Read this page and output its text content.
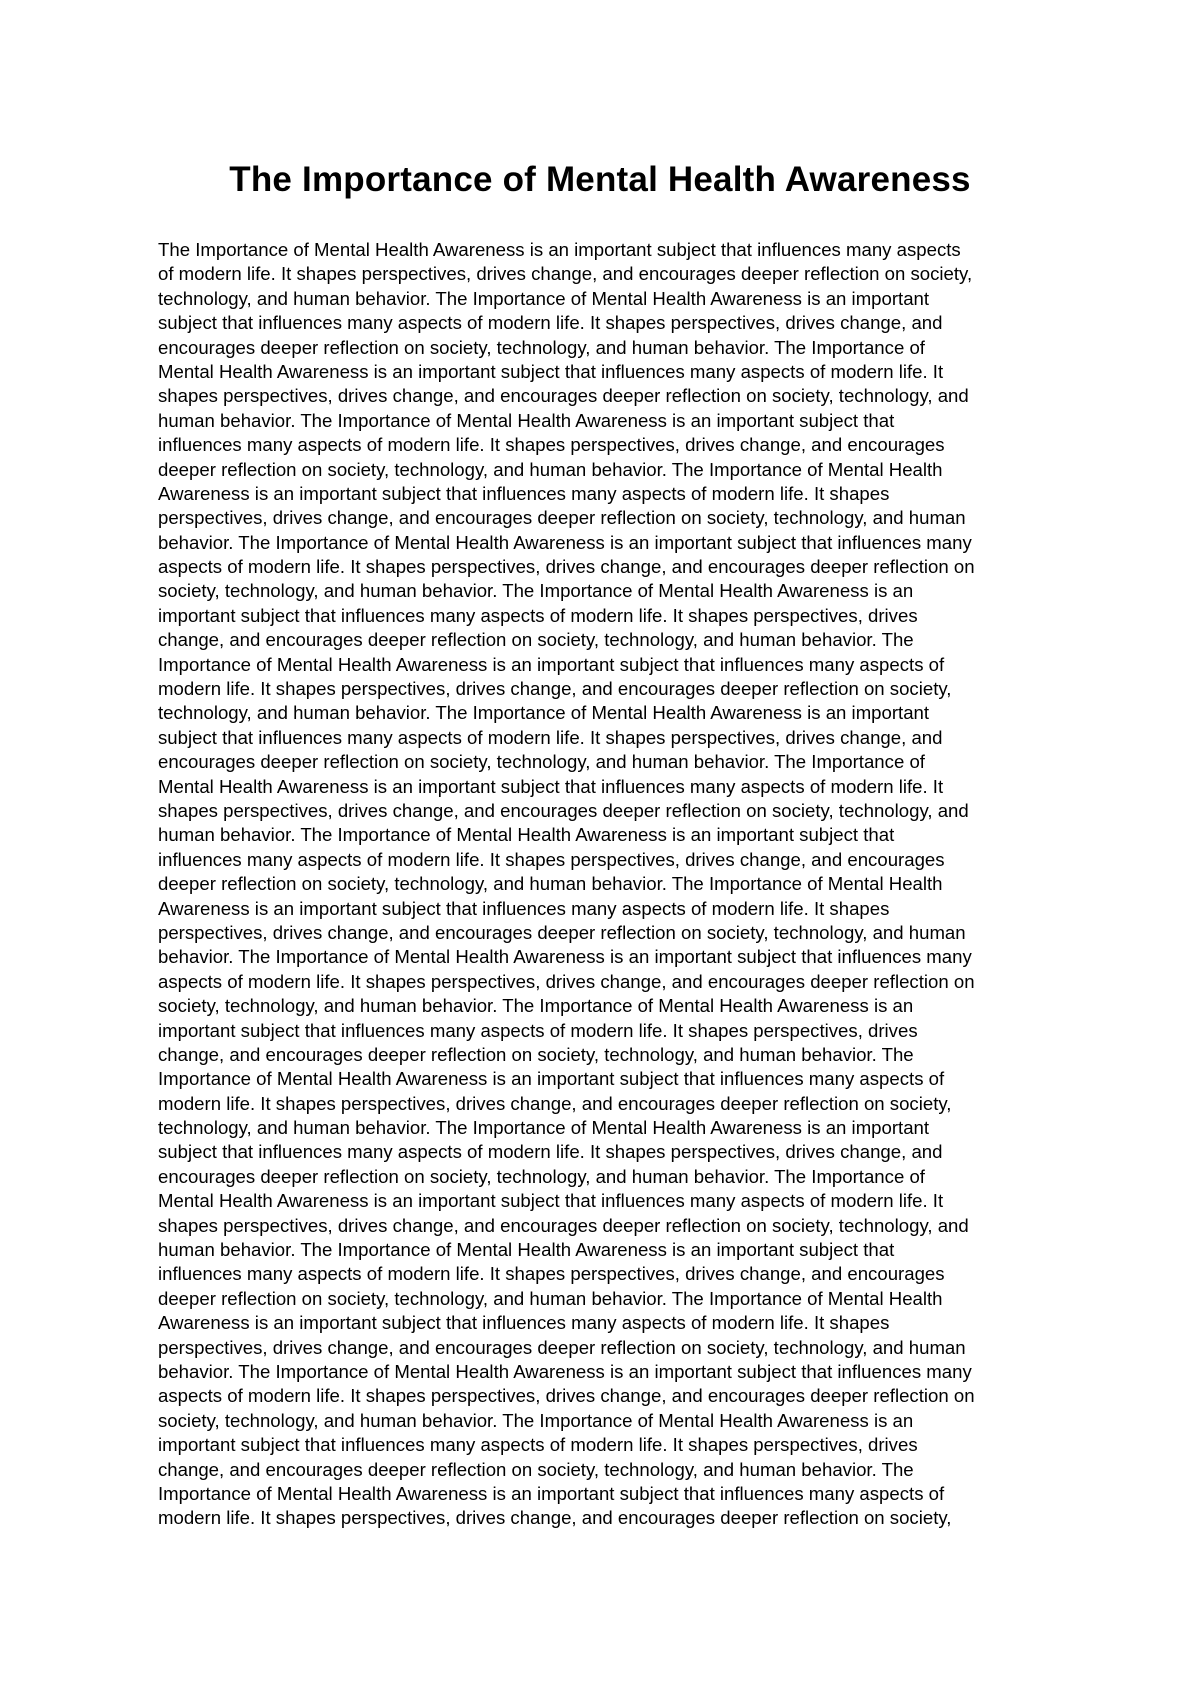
The Importance of Mental Health Awareness
The Importance of Mental Health Awareness is an important subject that influences many aspects
of modern life. It shapes perspectives, drives change, and encourages deeper reflection on society,
technology, and human behavior. The Importance of Mental Health Awareness is an important
subject that influences many aspects of modern life. It shapes perspectives, drives change, and
encourages deeper reflection on society, technology, and human behavior. The Importance of
Mental Health Awareness is an important subject that influences many aspects of modern life. It
shapes perspectives, drives change, and encourages deeper reflection on society, technology, and
human behavior. The Importance of Mental Health Awareness is an important subject that
influences many aspects of modern life. It shapes perspectives, drives change, and encourages
deeper reflection on society, technology, and human behavior. The Importance of Mental Health
Awareness is an important subject that influences many aspects of modern life. It shapes
perspectives, drives change, and encourages deeper reflection on society, technology, and human
behavior. The Importance of Mental Health Awareness is an important subject that influences many
aspects of modern life. It shapes perspectives, drives change, and encourages deeper reflection on
society, technology, and human behavior. The Importance of Mental Health Awareness is an
important subject that influences many aspects of modern life. It shapes perspectives, drives
change, and encourages deeper reflection on society, technology, and human behavior. The
Importance of Mental Health Awareness is an important subject that influences many aspects of
modern life. It shapes perspectives, drives change, and encourages deeper reflection on society,
technology, and human behavior. The Importance of Mental Health Awareness is an important
subject that influences many aspects of modern life. It shapes perspectives, drives change, and
encourages deeper reflection on society, technology, and human behavior. The Importance of
Mental Health Awareness is an important subject that influences many aspects of modern life. It
shapes perspectives, drives change, and encourages deeper reflection on society, technology, and
human behavior. The Importance of Mental Health Awareness is an important subject that
influences many aspects of modern life. It shapes perspectives, drives change, and encourages
deeper reflection on society, technology, and human behavior. The Importance of Mental Health
Awareness is an important subject that influences many aspects of modern life. It shapes
perspectives, drives change, and encourages deeper reflection on society, technology, and human
behavior. The Importance of Mental Health Awareness is an important subject that influences many
aspects of modern life. It shapes perspectives, drives change, and encourages deeper reflection on
society, technology, and human behavior. The Importance of Mental Health Awareness is an
important subject that influences many aspects of modern life. It shapes perspectives, drives
change, and encourages deeper reflection on society, technology, and human behavior. The
Importance of Mental Health Awareness is an important subject that influences many aspects of
modern life. It shapes perspectives, drives change, and encourages deeper reflection on society,
technology, and human behavior. The Importance of Mental Health Awareness is an important
subject that influences many aspects of modern life. It shapes perspectives, drives change, and
encourages deeper reflection on society, technology, and human behavior. The Importance of
Mental Health Awareness is an important subject that influences many aspects of modern life. It
shapes perspectives, drives change, and encourages deeper reflection on society, technology, and
human behavior. The Importance of Mental Health Awareness is an important subject that
influences many aspects of modern life. It shapes perspectives, drives change, and encourages
deeper reflection on society, technology, and human behavior. The Importance of Mental Health
Awareness is an important subject that influences many aspects of modern life. It shapes
perspectives, drives change, and encourages deeper reflection on society, technology, and human
behavior. The Importance of Mental Health Awareness is an important subject that influences many
aspects of modern life. It shapes perspectives, drives change, and encourages deeper reflection on
society, technology, and human behavior. The Importance of Mental Health Awareness is an
important subject that influences many aspects of modern life. It shapes perspectives, drives
change, and encourages deeper reflection on society, technology, and human behavior. The
Importance of Mental Health Awareness is an important subject that influences many aspects of
modern life. It shapes perspectives, drives change, and encourages deeper reflection on society,
